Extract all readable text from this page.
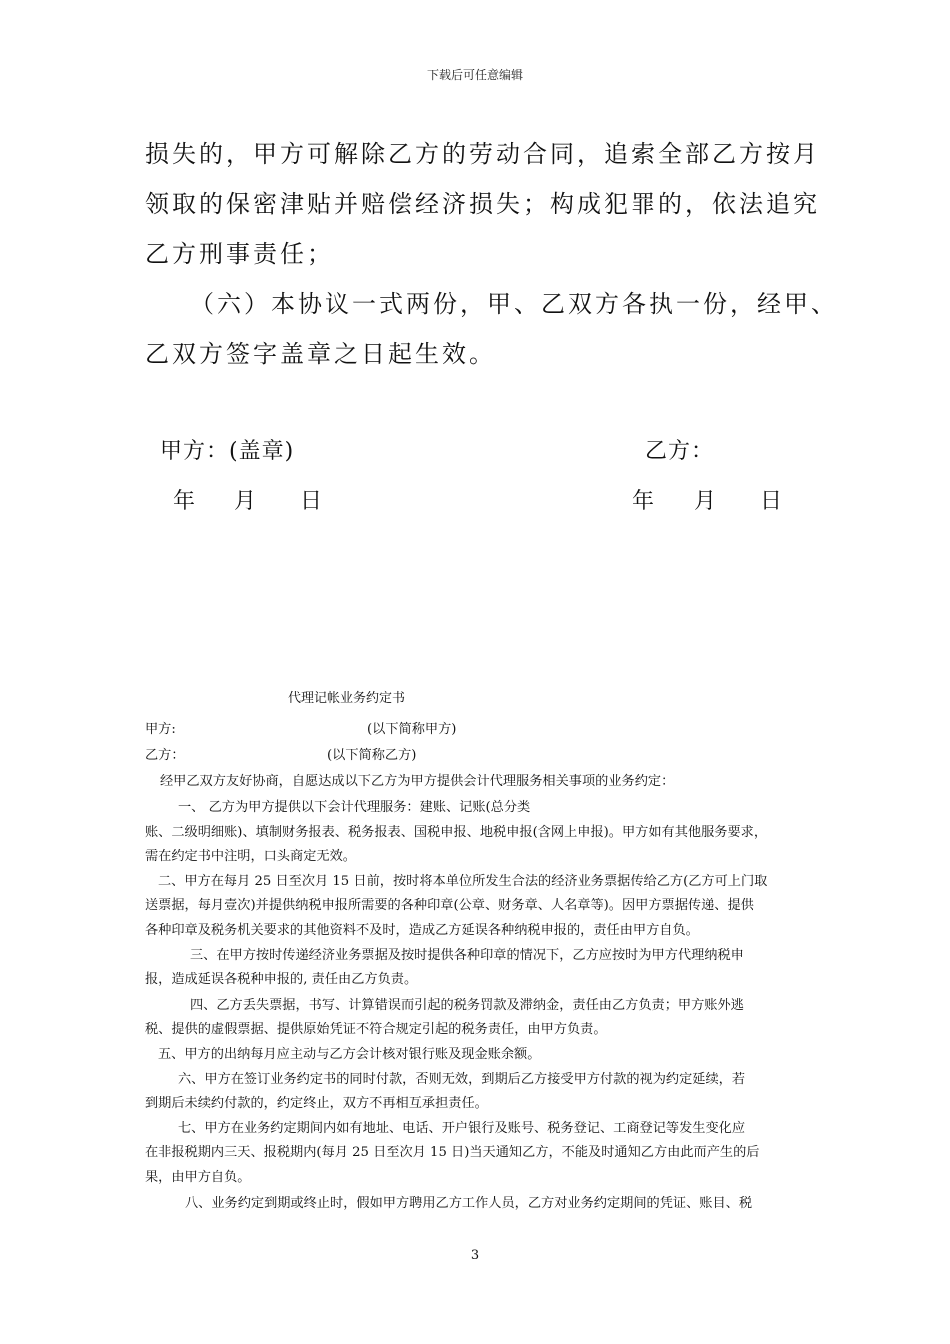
下载后可任意编辑
损失的，甲方可解除乙方的劳动合同，追索全部乙方按月
领取的保密津贴并赔偿经济损失；构成犯罪的，依法追究
乙方刑事责任；
（六）本协议一式两份，甲、乙双方各执一份，经甲、
乙双方签字盖章之日起生效。
甲方：(盖章)	乙方：
年 月 日	年 月 日
代理记帐业务约定书
甲方:	(以下简称甲方)
乙方：	(以下简称乙方)
经甲乙双方友好协商，自愿达成以下乙方为甲方提供会计代理服务相关事项的业务约定：
一、 乙方为甲方提供以下会计代理服务：建账、记账(总分类
账、二级明细账)、填制财务报表、税务报表、国税申报、地税申报(含网上申报)。甲方如有其他服务要求，
需在约定书中注明，口头商定无效。
二、甲方在每月 25 日至次月 15 日前，按时将本单位所发生合法的经济业务票据传给乙方(乙方可上门取
送票据，每月壹次)并提供纳税申报所需要的各种印章(公章、财务章、人名章等)。因甲方票据传递、提供
各种印章及税务机关要求的其他资料不及时，造成乙方延误各种纳税申报的，责任由甲方自负。
三、在甲方按时传递经济业务票据及按时提供各种印章的情况下，乙方应按时为甲方代理纳税申
报，造成延误各税种申报的, 责任由乙方负责。
四、乙方丢失票据，书写、计算错误而引起的税务罚款及滞纳金，责任由乙方负责；甲方账外逃
税、提供的虚假票据、提供原始凭证不符合规定引起的税务责任，由甲方负责。
五、甲方的出纳每月应主动与乙方会计核对银行账及现金账余额。
六、甲方在签订业务约定书的同时付款，否则无效，到期后乙方接受甲方付款的视为约定延续，若
到期后未续约付款的，约定终止，双方不再相互承担责任。
七、甲方在业务约定期间内如有地址、电话、开户银行及账号、税务登记、工商登记等发生变化应
在非报税期内三天、报税期内(每月 25 日至次月 15 日)当天通知乙方，不能及时通知乙方由此而产生的后
果，由甲方自负。
八、业务约定到期或终止时，假如甲方聘用乙方工作人员，乙方对业务约定期间的凭证、账目、税
3
